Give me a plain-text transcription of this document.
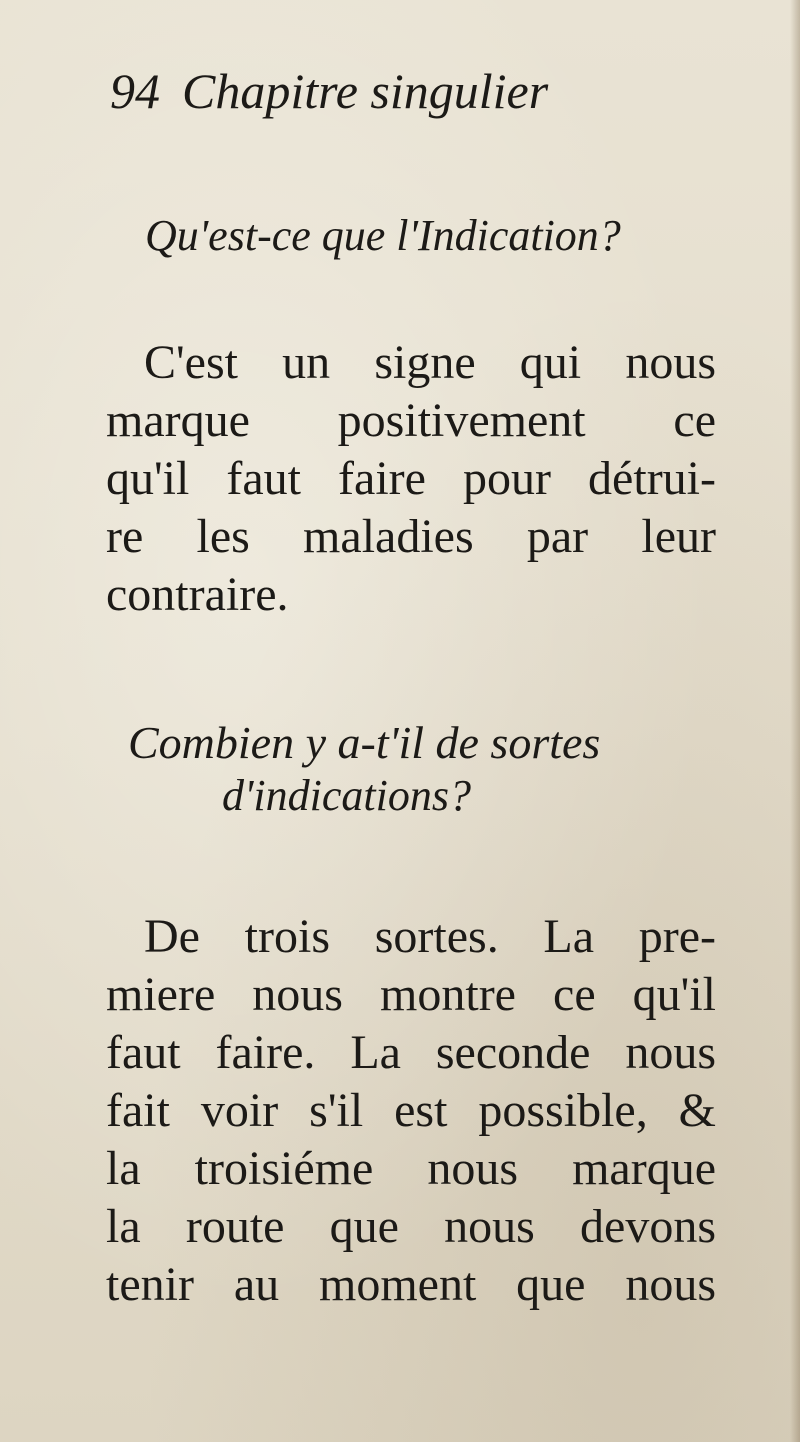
94 Chapitre singulier
Qu'est-ce que l'Indication?

C'est un signe qui nous
marque positivement ce
qu'il faut faire pour détrui-
re les maladies par leur
contraire.

Combien y a-t'il de sortes
d'indications?

De trois sortes. La pre-
miere nous montre ce qu'il
faut faire. La seconde nous
fait voir s'il est possible, &
la troisiéme nous marque
la route que nous devons
tenir au moment que nous
